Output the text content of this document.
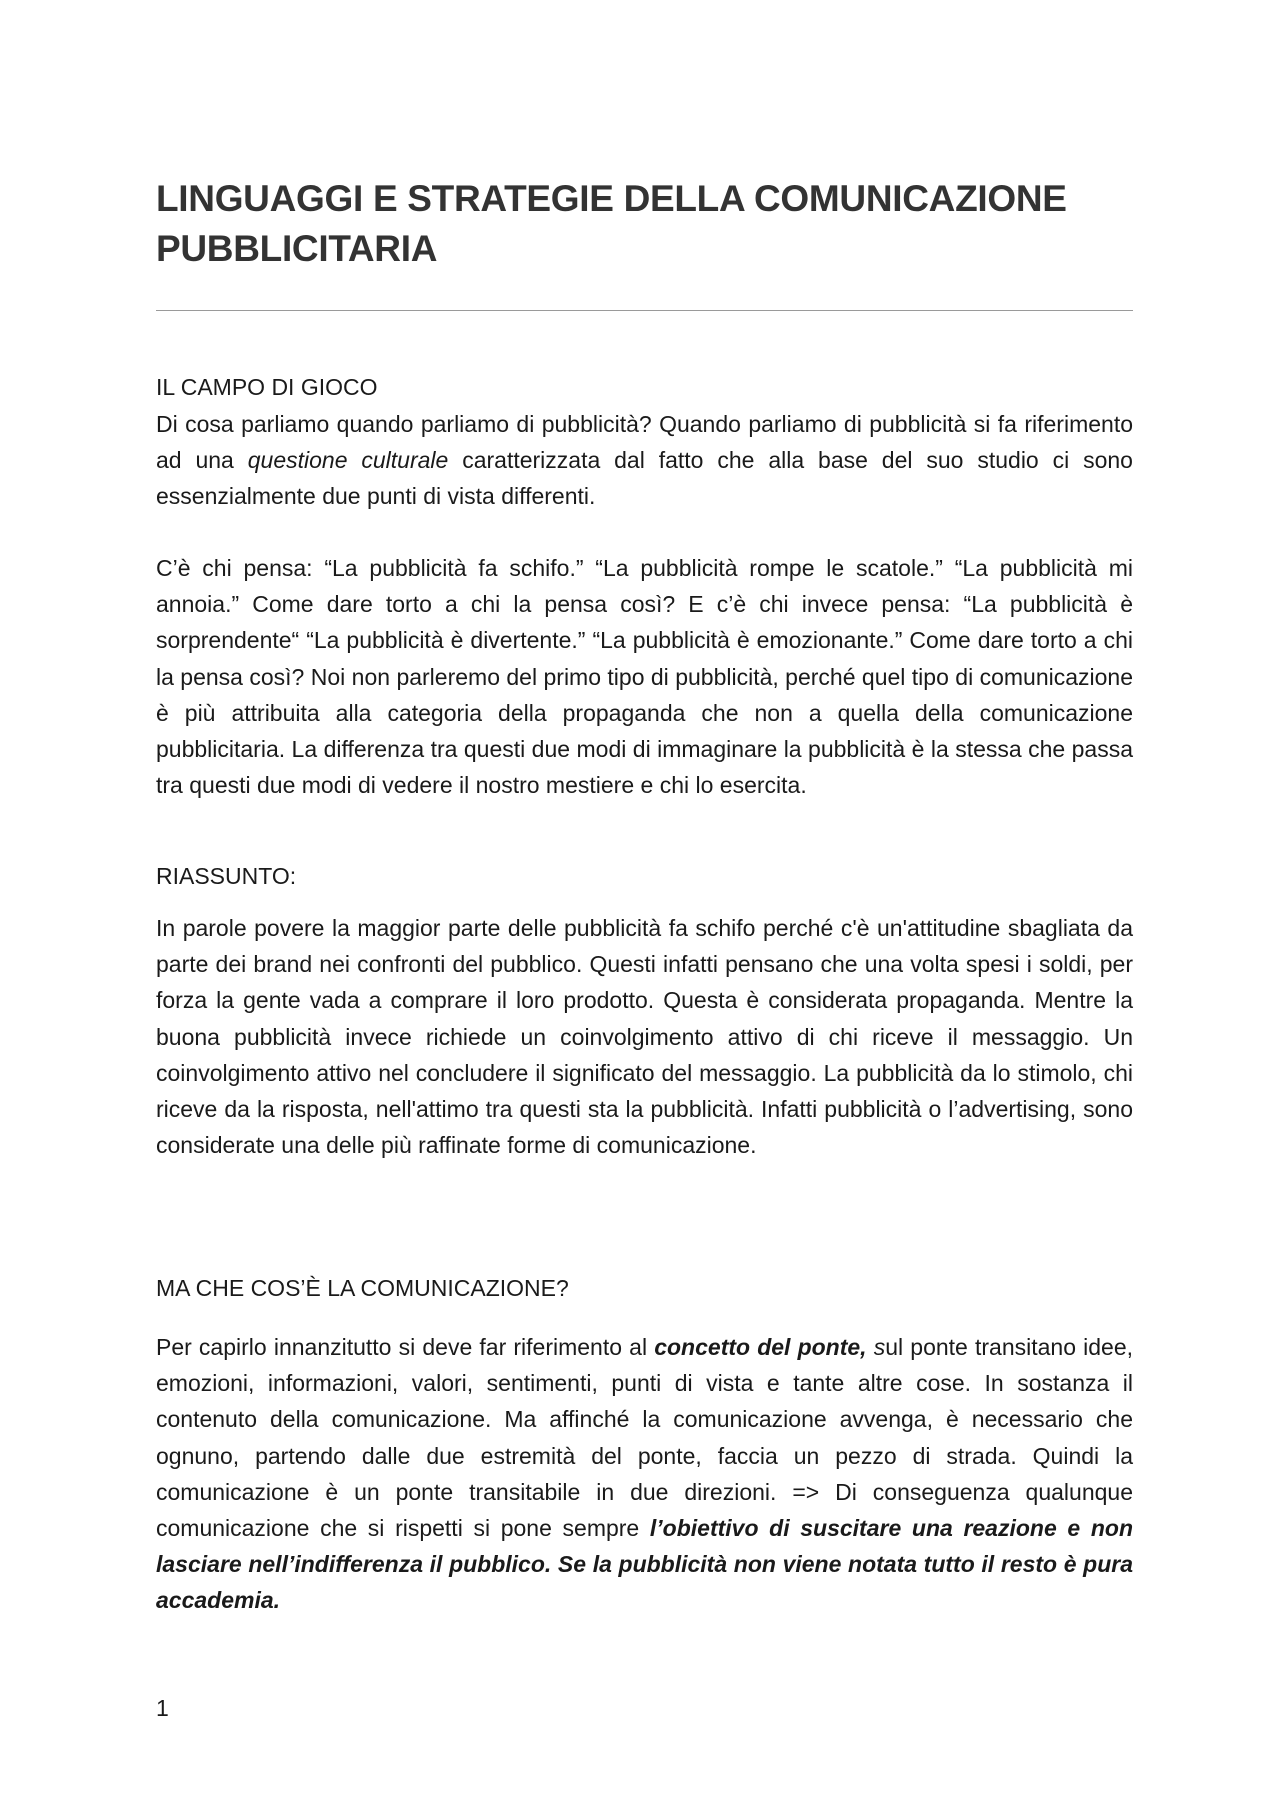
LINGUAGGI E STRATEGIE DELLA COMUNICAZIONE PUBBLICITARIA
IL CAMPO DI GIOCO

Di cosa parliamo quando parliamo di pubblicità? Quando parliamo di pubblicità si fa riferimento ad una questione culturale caratterizzata dal fatto che alla base del suo studio ci sono essenzialmente due punti di vista differenti.

C’è chi pensa: “La pubblicità fa schifo.” “La pubblicità rompe le scatole.” “La pubblicità mi annoia.” Come dare torto a chi la pensa così? E c’è chi invece pensa: “La pubblicità è sorprendente“ “La pubblicità è divertente.” “La pubblicità è emozionante.” Come dare torto a chi la pensa così? Noi non parleremo del primo tipo di pubblicità, perché quel tipo di comunicazione è più attribuita alla categoria della propaganda che non a quella della comunicazione pubblicitaria. La differenza tra questi due modi di immaginare la pubblicità è la stessa che passa tra questi due modi di vedere il nostro mestiere e chi lo esercita.

RIASSUNTO:

In parole povere la maggior parte delle pubblicità fa schifo perché c'è un'attitudine sbagliata da parte dei brand nei confronti del pubblico. Questi infatti pensano che una volta spesi i soldi, per forza la gente vada a comprare il loro prodotto. Questa è considerata propaganda. Mentre la buona pubblicità invece richiede un coinvolgimento attivo di chi riceve il messaggio. Un coinvolgimento attivo nel concludere il significato del messaggio. La pubblicità da lo stimolo, chi riceve da la risposta, nell'attimo tra questi sta la pubblicità. Infatti pubblicità o l’advertising, sono considerate una delle più raffinate forme di comunicazione.

MA CHE COS’È LA COMUNICAZIONE?

Per capirlo innanzitutto si deve far riferimento al concetto del ponte, sul ponte transitano idee, emozioni, informazioni, valori, sentimenti, punti di vista e tante altre cose. In sostanza il contenuto della comunicazione. Ma affinché la comunicazione avvenga, è necessario che ognuno, partendo dalle due estremità del ponte, faccia un pezzo di strada. Quindi la comunicazione è un ponte transitabile in due direzioni. => Di conseguenza qualunque comunicazione che si rispetti si pone sempre l’obiettivo di suscitare una reazione e non lasciare nell’indifferenza il pubblico. Se la pubblicità non viene notata tutto il resto è pura accademia.

1
